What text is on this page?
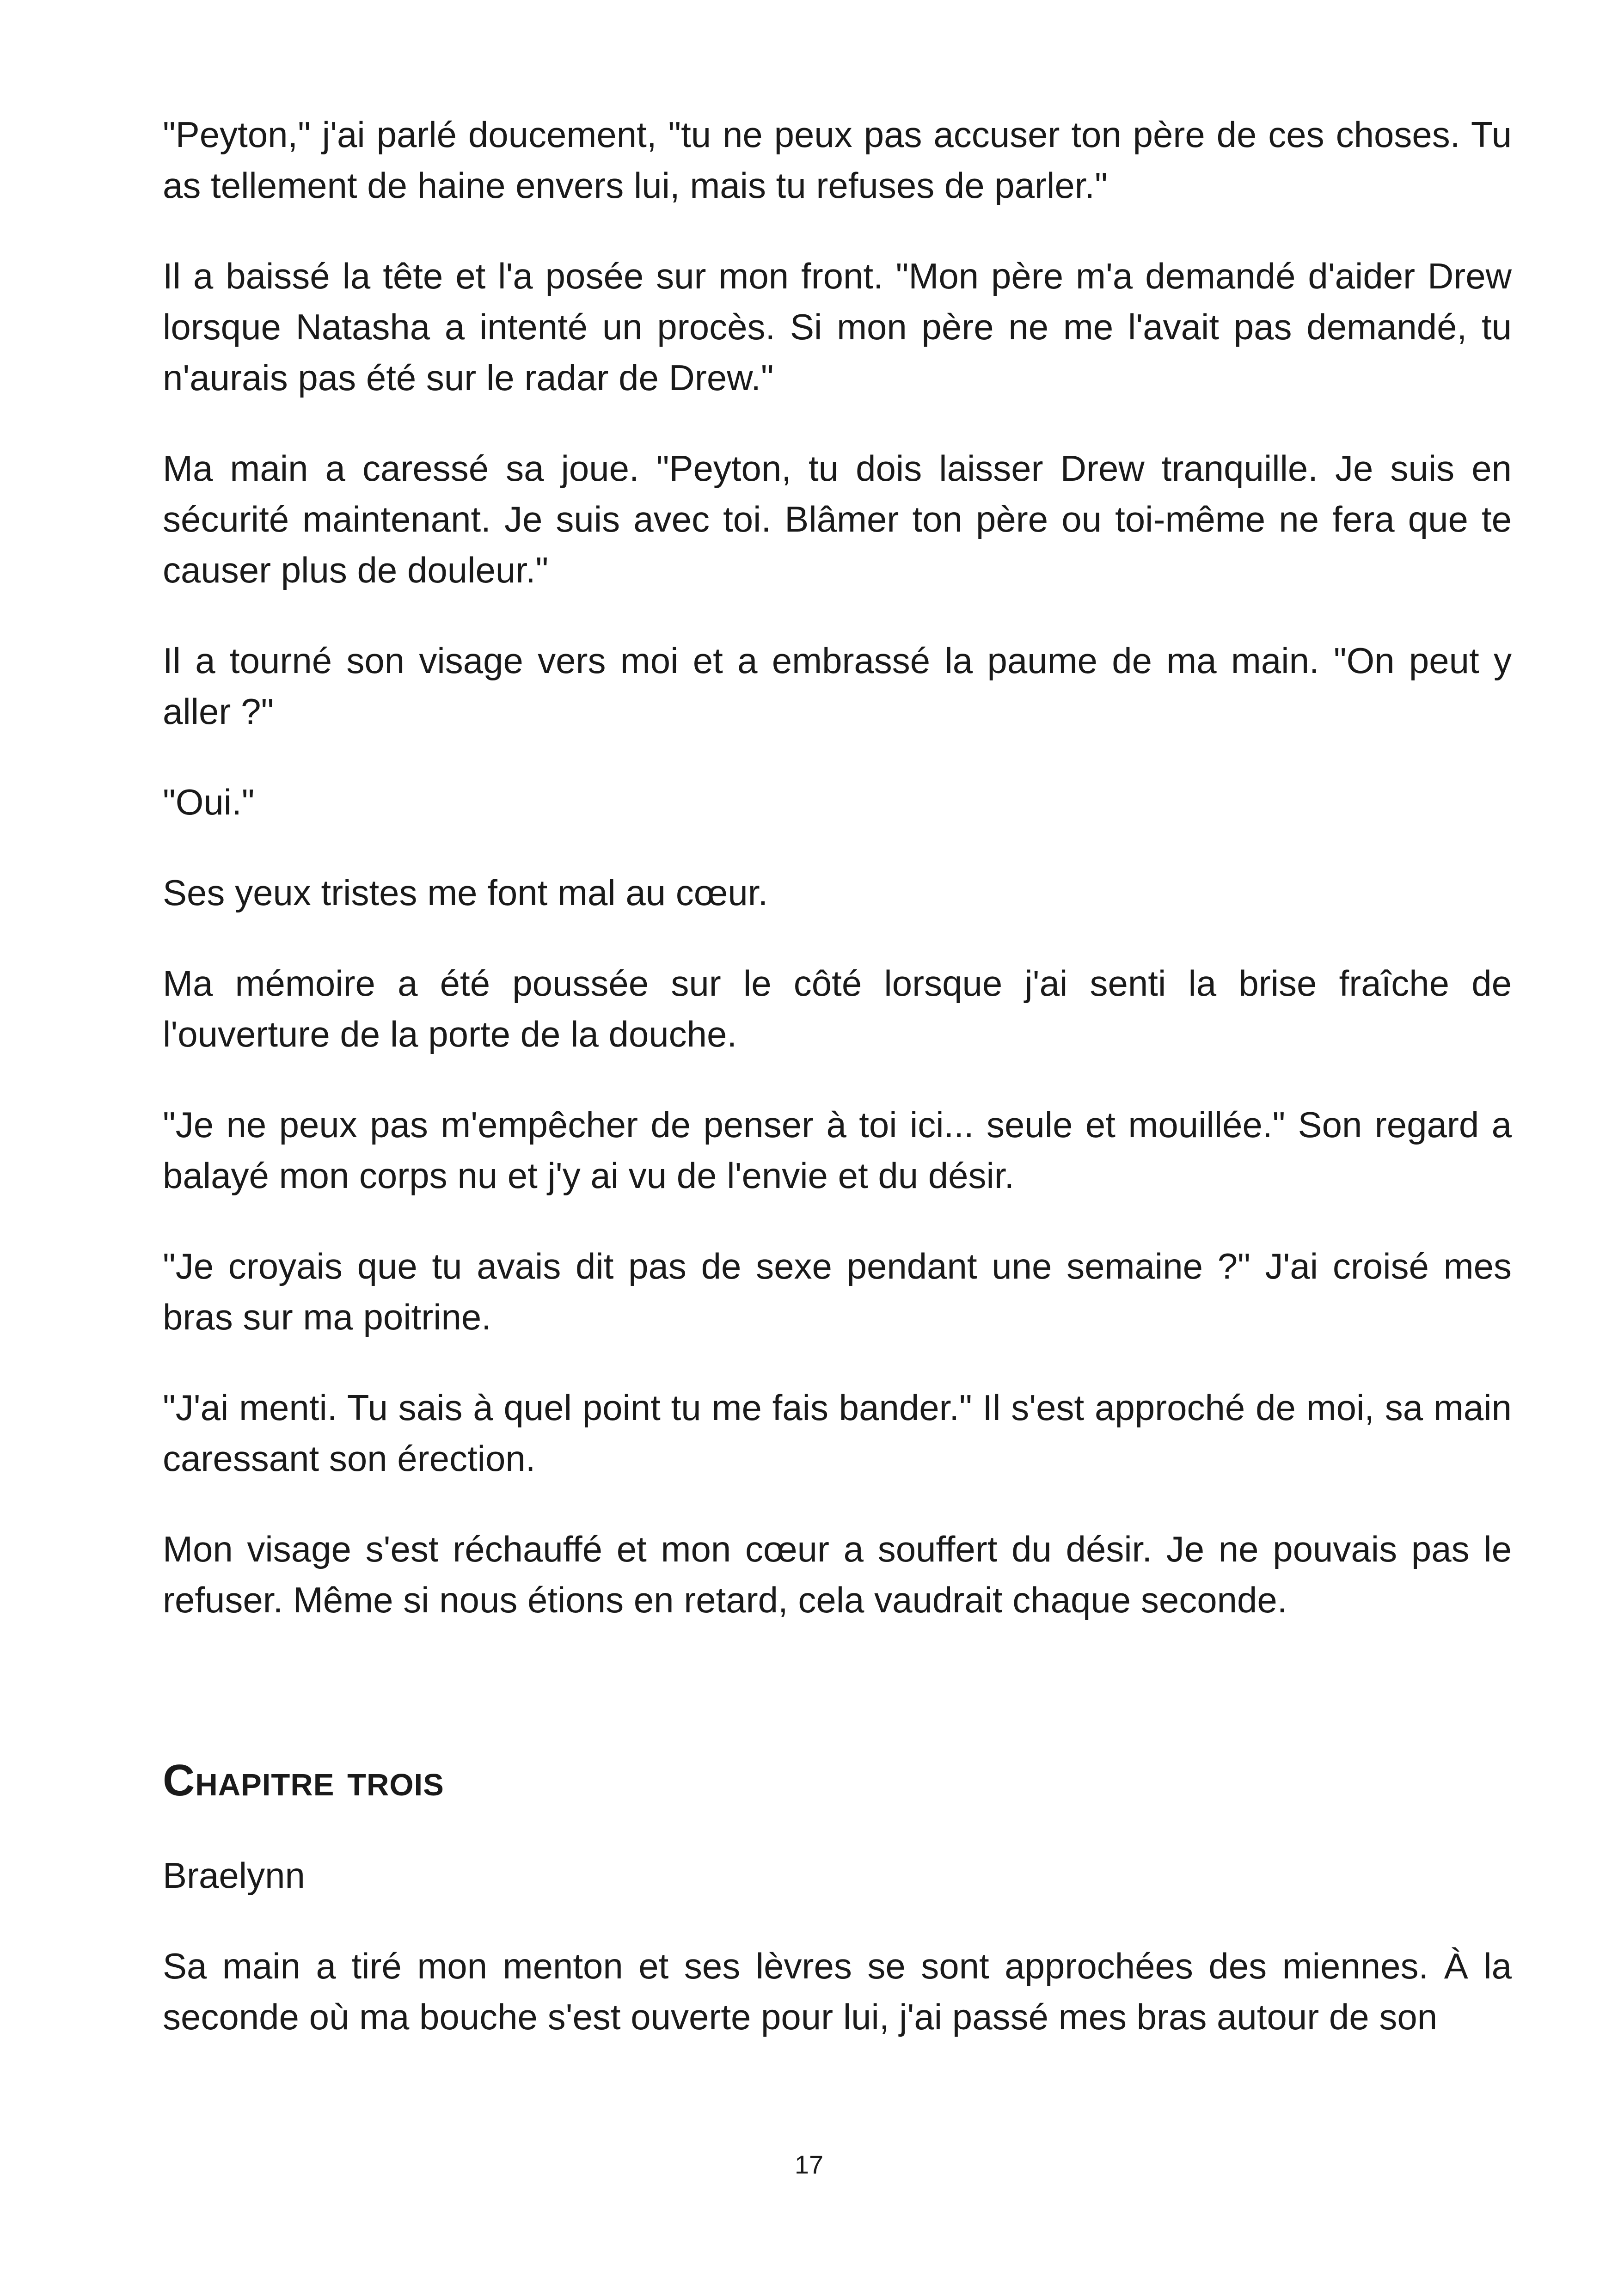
"Peyton," j'ai parlé doucement, "tu ne peux pas accuser ton père de ces choses. Tu as tellement de haine envers lui, mais tu refuses de parler."

Il a baissé la tête et l'a posée sur mon front. "Mon père m'a demandé d'aider Drew lorsque Natasha a intenté un procès. Si mon père ne me l'avait pas demandé, tu n'aurais pas été sur le radar de Drew."

Ma main a caressé sa joue. "Peyton, tu dois laisser Drew tranquille. Je suis en sécurité maintenant. Je suis avec toi. Blâmer ton père ou toi-même ne fera que te causer plus de douleur."

Il a tourné son visage vers moi et a embrassé la paume de ma main. "On peut y aller ?"

"Oui."

Ses yeux tristes me font mal au cœur.

Ma mémoire a été poussée sur le côté lorsque j'ai senti la brise fraîche de l'ouverture de la porte de la douche.

"Je ne peux pas m'empêcher de penser à toi ici... seule et mouillée." Son regard a balayé mon corps nu et j'y ai vu de l'envie et du désir.

"Je croyais que tu avais dit pas de sexe pendant une semaine ?" J'ai croisé mes bras sur ma poitrine.

"J'ai menti. Tu sais à quel point tu me fais bander." Il s'est approché de moi, sa main caressant son érection.

Mon visage s'est réchauffé et mon cœur a souffert du désir. Je ne pouvais pas le refuser. Même si nous étions en retard, cela vaudrait chaque seconde.

Chapitre trois

Braelynn

Sa main a tiré mon menton et ses lèvres se sont approchées des miennes. À la seconde où ma bouche s'est ouverte pour lui, j'ai passé mes bras autour de son

17
